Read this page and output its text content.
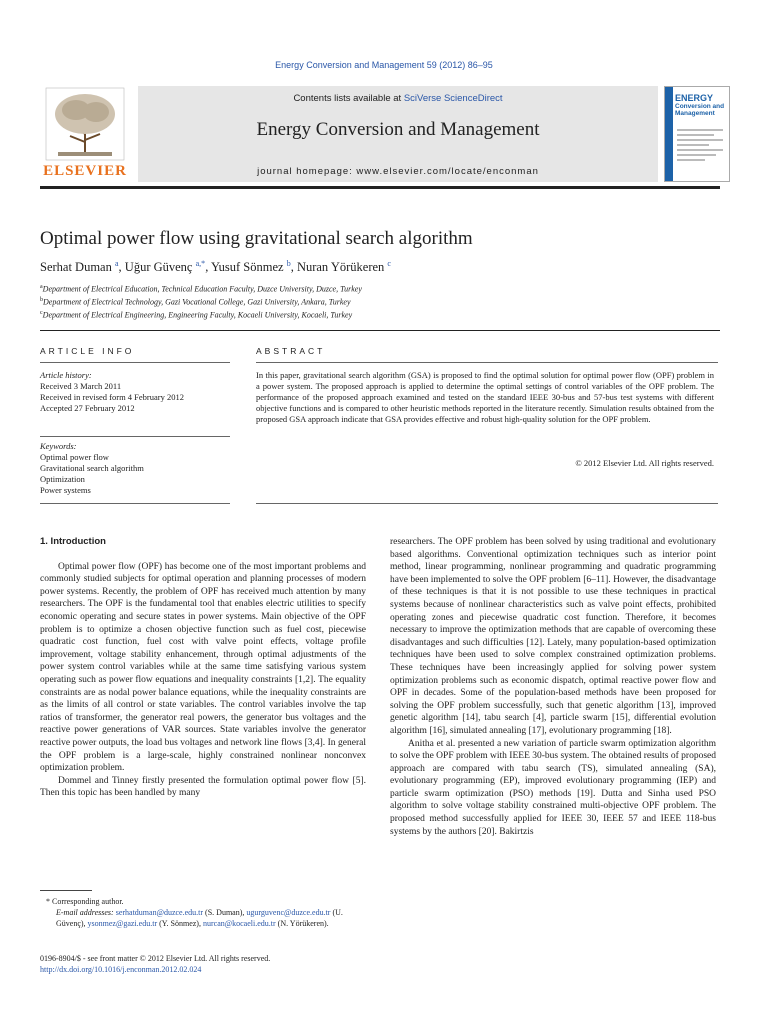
Energy Conversion and Management 59 (2012) 86–95
ELSEVIER
Contents lists available at SciVerse ScienceDirect
Energy Conversion and Management
journal homepage: www.elsevier.com/locate/enconman
ENERGY
Conversion and
Management
Optimal power flow using gravitational search algorithm
Serhat Duman $^a$, Uğur Güvenç $^{a,*}$, Yusuf Sönmez $^b$, Nuran Yörükeren $^c$
$^a$Department of Electrical Education, Technical Education Faculty, Duzce University, Duzce, Turkey
$^b$Department of Electrical Technology, Gazi Vocational College, Gazi University, Ankara, Turkey
$^c$Department of Electrical Engineering, Engineering Faculty, Kocaeli University, Kocaeli, Turkey
ARTICLE INFO
Article history:
Received 3 March 2011
Received in revised form 4 February 2012
Accepted 27 February 2012
Keywords:
Optimal power flow
Gravitational search algorithm
Optimization
Power systems
ABSTRACT
In this paper, gravitational search algorithm (GSA) is proposed to find the optimal solution for optimal power flow (OPF) problem in a power system. The proposed approach is applied to determine the optimal settings of control variables of the OPF problem. The performance of the proposed approach examined and tested on the standard IEEE 30-bus and 57-bus test systems with different objective functions and is compared to other heuristic methods reported in the literature recently. Simulation results obtained from the proposed GSA approach indicate that GSA provides effective and robust high-quality solution for the OPF problem.
© 2012 Elsevier Ltd. All rights reserved.

1. Introduction

Optimal power flow (OPF) has become one of the most important problems and commonly studied subjects for optimal operation and planning processes of modern power systems. Recently, the problem of OPF has received much attention by many researchers. The OPF is the fundamental tool that enables electric utilities to specify economic operating and secure states in power systems. Main objective of the OPF problem is to optimize a chosen objective function such as fuel cost, piecewise quadratic cost function, fuel cost with valve point effects, voltage profile improvement, voltage stability enhancement, through optimal adjustments of the power system control variables while at the same time satisfying various system operating such as power flow equations and inequality constraints [1,2]. The equality constraints are as nodal power balance equations, while the inequality constraints are as the limits of all control or state variables. The control variables involve the tap ratios of transformer, the generator real powers, the generator bus voltages and the reactive power generations of VAR sources. State variables involve the generator reactive power outputs, the load bus voltages and network line flows [3,4]. In general the OPF problem is a large-scale, highly constrained nonlinear nonconvex optimization problem.

Dommel and Tinney firstly presented the formulation optimal power flow [5]. Then this topic has been handled by many

researchers. The OPF problem has been solved by using traditional and evolutionary based algorithms. Conventional optimization techniques such as interior point method, linear programming, nonlinear programming and quadratic programming have been implemented to solve the OPF problem [6–11]. However, the disadvantage of these techniques is that it is not possible to use these techniques in practical systems because of nonlinear characteristics such as valve point effects, prohibited operating zones and piecewise quadratic cost function. Therefore, it becomes necessary to improve the optimization methods that are capable of overcoming these disadvantages and such difficulties [12]. Lately, many population-based optimization techniques have been used to solve complex constrained optimization problems. These techniques have been increasingly applied for solving power system optimization problems such as economic dispatch, optimal reactive power flow and OPF in decades. Some of the population-based methods have been proposed for solving the OPF problem successfully, such that genetic algorithm [13], improved genetic algorithm [14], tabu search [4], particle swarm [15], differential evolution algorithm [16], simulated annealing [17], evolutionary programming [18].

Anitha et al. presented a new variation of particle swarm optimization algorithm to solve the OPF problem with IEEE 30-bus system. The obtained results of proposed approach are compared with tabu search (TS), simulated annealing (SA), evolutionary programming (EP), improved evolutionary programming (IEP) and particle swarm optimization (PSO) methods [19]. Dutta and Sinha used PSO algorithm to solve voltage stability constrained multi-objective OPF problem. The proposed method successfully applied for IEEE 30, IEEE 57 and IEEE 118-bus systems by the authors [20]. Bakirtzis

* Corresponding author.
E-mail addresses: serhatduman@duzce.edu.tr (S. Duman), ugurguvenc@duzce.edu.tr (U. Güvenç), ysonmez@gazi.edu.tr (Y. Sönmez), nurcan@kocaeli.edu.tr (N. Yörükeren).
0196-8904/$ - see front matter © 2012 Elsevier Ltd. All rights reserved.
http://dx.doi.org/10.1016/j.enconman.2012.02.024
